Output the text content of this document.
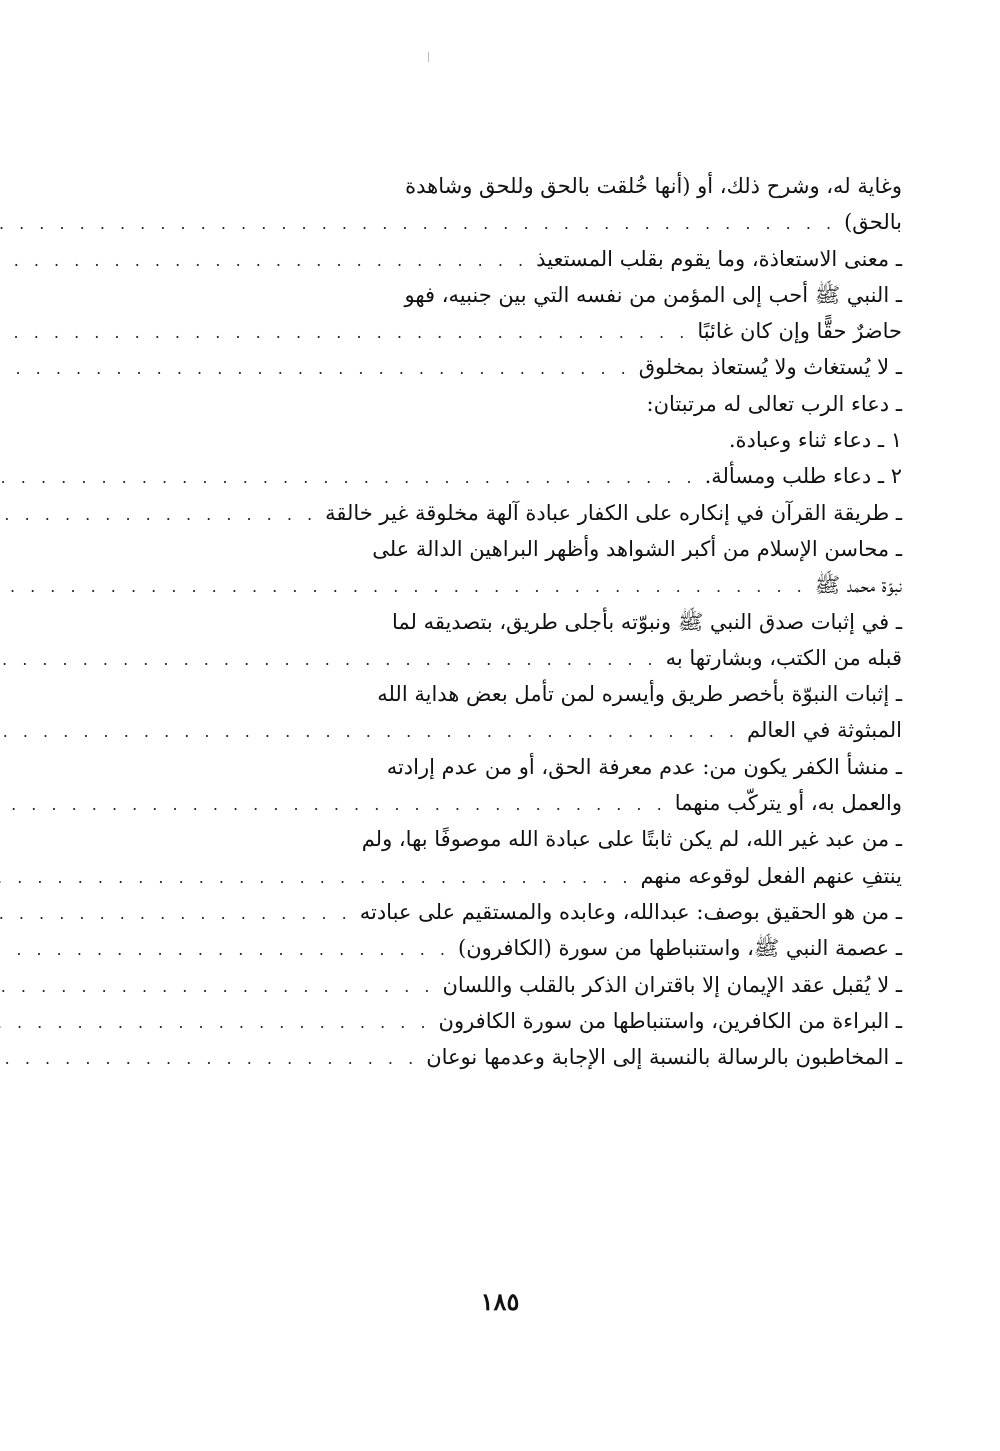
وغاية له، وشرح ذلك، أو (أنها خُلقت بالحق وللحق وشاهدة
بالحق)
. . .
ـ معنى الاستعاذة، وما يقوم بقلب المستعيذ
. . .
ـ النبي ﷺ أحب إلى المؤمن من نفسه التي بين جنبيه، فهو
حاضرٌ حقًّا وإن كان غائبًا
. . .
ـ لا يُستغاث ولا يُستعاذ بمخلوق
. . .
ـ دعاء الرب تعالى له مرتبتان:
١ ـ دعاء ثناء وعبادة.
٢ ـ دعاء طلب ومسألة.
. . .
ـ طريقة القرآن في إنكاره على الكفار عبادة آلهة مخلوقة غير خالقة
. . .
ـ محاسن الإسلام من أكبر الشواهد وأظهر البراهين الدالة على
نبوّة محمد ﷺ
. . .
ـ في إثبات صدق النبي ﷺ ونبوّته بأجلى طريق، بتصديقه لما
قبله من الكتب، وبشارتها به
. . .
ـ إثبات النبوّة بأخصر طريق وأيسره لمن تأمل بعض هداية الله
المبثوثة في العالم
. . .
ـ منشأ الكفر يكون من: عدم معرفة الحق، أو من عدم إرادته
والعمل به، أو يتركّب منهما
. . .
ـ من عبد غير الله، لم يكن ثابتًا على عبادة الله موصوفًا بها، ولم
ينتفِ عنهم الفعل لوقوعه منهم
. . .
ـ من هو الحقيق بوصف: عبدالله، وعابده والمستقيم على عبادته
. . .
ـ عصمة النبي ﷺ، واستنباطها من سورة (الكافرون)
. . .
ـ لا يُقبل عقد الإيمان إلا باقتران الذكر بالقلب واللسان
. . .
ـ البراءة من الكافرين، واستنباطها من سورة الكافرون
. . .
ـ المخاطبون بالرسالة بالنسبة إلى الإجابة وعدمها نوعان
. . .
١٨٥
